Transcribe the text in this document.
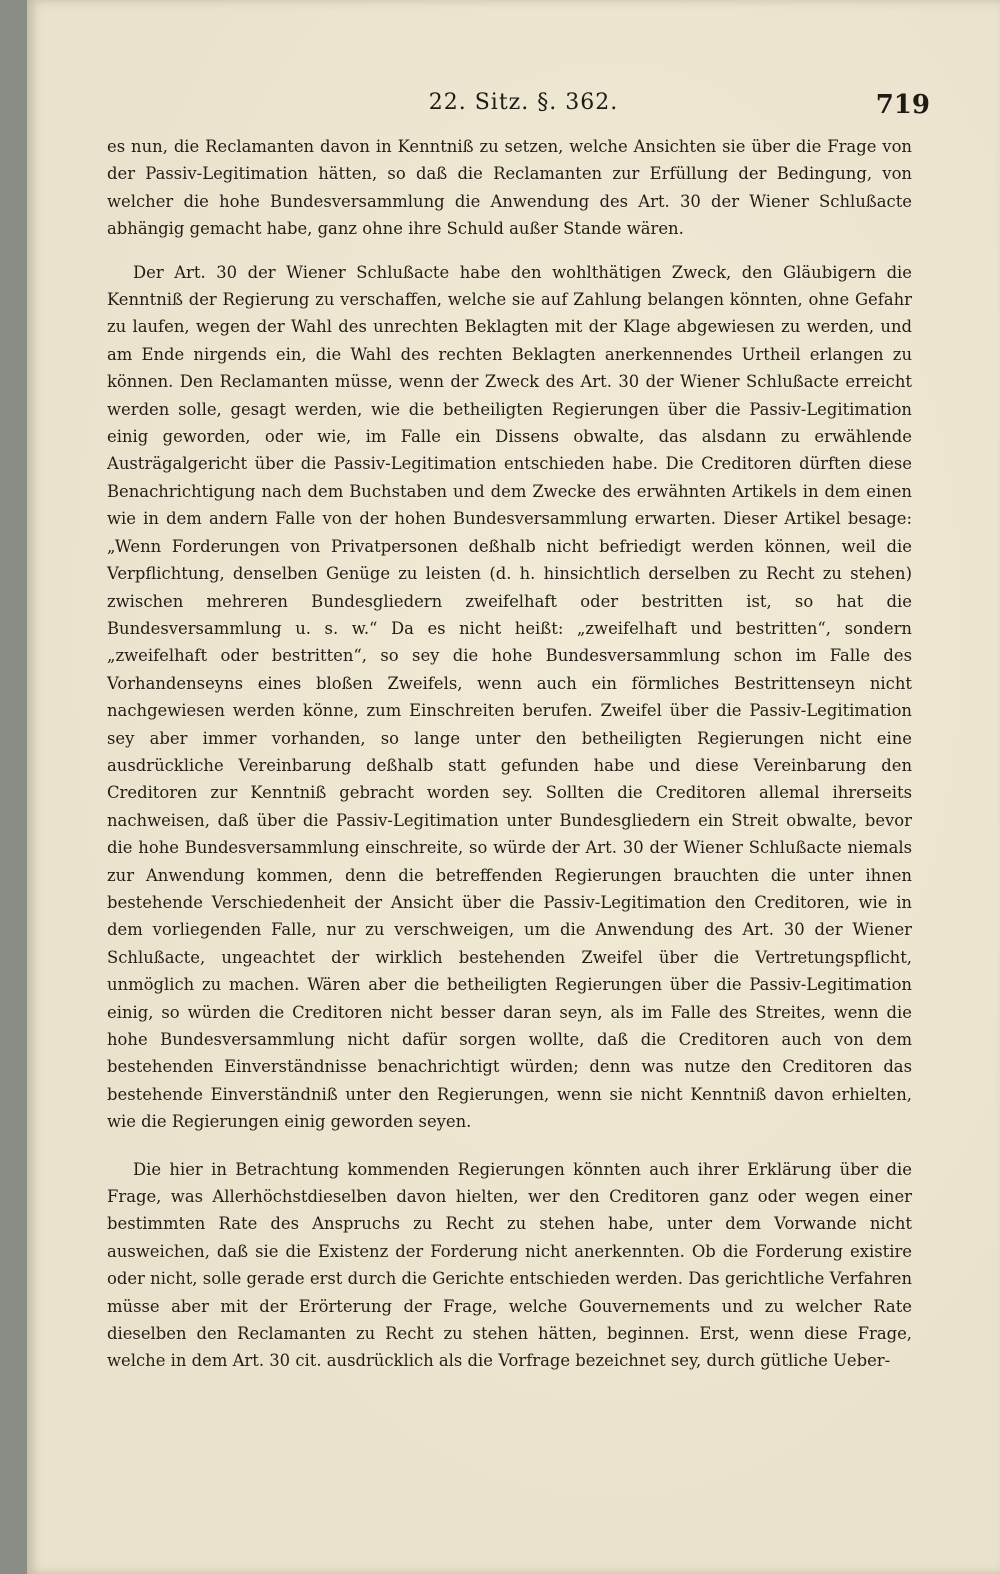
22. Sitz. §. 362.	719

es nun, die Reclamanten davon in Kenntniß zu setzen, welche Ansichten sie über die Frage von der Passiv-Legitimation hätten, so daß die Reclamanten zur Erfüllung der Bedingung, von welcher die hohe Bundesversammlung die Anwendung des Art. 30 der Wiener Schlußacte abhängig gemacht habe, ganz ohne ihre Schuld außer Stande wären.

Der Art. 30 der Wiener Schlußacte habe den wohlthätigen Zweck, den Gläubigern die Kenntniß der Regierung zu verschaffen, welche sie auf Zahlung belangen könnten, ohne Gefahr zu laufen, wegen der Wahl des unrechten Beklagten mit der Klage abgewiesen zu werden, und am Ende nirgends ein, die Wahl des rechten Beklagten anerkennendes Urtheil erlangen zu können. Den Reclamanten müsse, wenn der Zweck des Art. 30 der Wiener Schlußacte erreicht werden solle, gesagt werden, wie die betheiligten Regierungen über die Passiv-Legitimation einig geworden, oder wie, im Falle ein Dissens obwalte, das alsdann zu erwählende Austrägalgericht über die Passiv-Legitimation entschieden habe. Die Creditoren dürften diese Benachrichtigung nach dem Buchstaben und dem Zwecke des erwähnten Artikels in dem einen wie in dem andern Falle von der hohen Bundesversammlung erwarten. Dieser Artikel besage: „Wenn Forderungen von Privatpersonen deßhalb nicht befriedigt werden können, weil die Verpflichtung, denselben Genüge zu leisten (d. h. hinsichtlich derselben zu Recht zu stehen) zwischen mehreren Bundesgliedern zweifelhaft oder bestritten ist, so hat die Bundesversammlung u. s. w.“ Da es nicht heißt: „zweifelhaft und bestritten“, sondern „zweifelhaft oder bestritten“, so sey die hohe Bundesversammlung schon im Falle des Vorhandenseyns eines bloßen Zweifels, wenn auch ein förmliches Bestrittenseyn nicht nachgewiesen werden könne, zum Einschreiten berufen. Zweifel über die Passiv-Legitimation sey aber immer vorhanden, so lange unter den betheiligten Regierungen nicht eine ausdrückliche Vereinbarung deßhalb statt gefunden habe und diese Vereinbarung den Creditoren zur Kenntniß gebracht worden sey. Sollten die Creditoren allemal ihrerseits nachweisen, daß über die Passiv-Legitimation unter Bundesgliedern ein Streit obwalte, bevor die hohe Bundesversammlung einschreite, so würde der Art. 30 der Wiener Schlußacte niemals zur Anwendung kommen, denn die betreffenden Regierungen brauchten die unter ihnen bestehende Verschiedenheit der Ansicht über die Passiv-Legitimation den Creditoren, wie in dem vorliegenden Falle, nur zu verschweigen, um die Anwendung des Art. 30 der Wiener Schlußacte, ungeachtet der wirklich bestehenden Zweifel über die Vertretungspflicht, unmöglich zu machen. Wären aber die betheiligten Regierungen über die Passiv-Legitimation einig, so würden die Creditoren nicht besser daran seyn, als im Falle des Streites, wenn die hohe Bundesversammlung nicht dafür sorgen wollte, daß die Creditoren auch von dem bestehenden Einverständnisse benachrichtigt würden; denn was nutze den Creditoren das bestehende Einverständniß unter den Regierungen, wenn sie nicht Kenntniß davon erhielten, wie die Regierungen einig geworden seyen.

Die hier in Betrachtung kommenden Regierungen könnten auch ihrer Erklärung über die Frage, was Allerhöchstdieselben davon hielten, wer den Creditoren ganz oder wegen einer bestimmten Rate des Anspruchs zu Recht zu stehen habe, unter dem Vorwande nicht ausweichen, daß sie die Existenz der Forderung nicht anerkennten. Ob die Forderung existire oder nicht, solle gerade erst durch die Gerichte entschieden werden. Das gerichtliche Verfahren müsse aber mit der Erörterung der Frage, welche Gouvernements und zu welcher Rate dieselben den Reclamanten zu Recht zu stehen hätten, beginnen. Erst, wenn diese Frage, welche in dem Art. 30 cit. ausdrücklich als die Vorfrage bezeichnet sey, durch gütliche Ueber-
